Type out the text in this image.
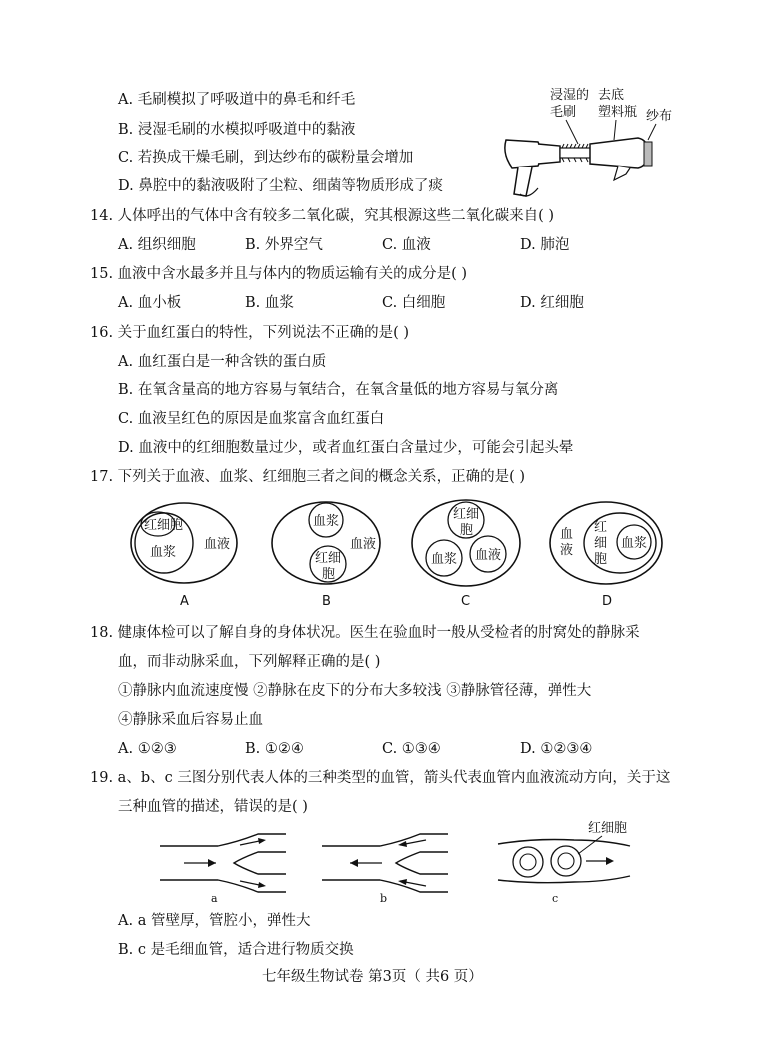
A. 毛刷模拟了呼吸道中的鼻毛和纤毛
B. 浸湿毛刷的水模拟呼吸道中的黏液
C. 若换成干燥毛刷，到达纱布的碳粉量会增加
D. 鼻腔中的黏液吸附了尘粒、细菌等物质形成了痰
浸湿的
毛刷
去底
塑料瓶 纱布
14. 人体呼出的气体中含有较多二氧化碳，究其根源这些二氧化碳来自( )
A. 组织细胞	B. 外界空气	C. 血液	D. 肺泡
15. 血液中含水最多并且与体内的物质运输有关的成分是( )
A. 血小板	B. 血浆	C. 白细胞	D. 红细胞
16. 关于血红蛋白的特性，下列说法不正确的是( )
A. 血红蛋白是一种含铁的蛋白质
B. 在氧含量高的地方容易与氧结合，在氧含量低的地方容易与氧分离
C. 血液呈红色的原因是血浆富含血红蛋白
D. 血液中的红细胞数量过少，或者血红蛋白含量过少，可能会引起头晕
17. 下列关于血液、血浆、红细胞三者之间的概念关系，正确的是( )
红细胞
血浆
血液
A
血浆
红细
胞
血液
B
红细
胞
血浆 血液
C
血
液
红
细
胞
血浆
D
18. 健康体检可以了解自身的身体状况。医生在验血时一般从受检者的肘窝处的静脉采
血，而非动脉采血，下列解释正确的是( )
①静脉内血流速度慢 ②静脉在皮下的分布大多较浅 ③静脉管径薄，弹性大
④静脉采血后容易止血
A. ①②③	B. ①②④	C. ①③④	D. ①②③④
19. a、b、c 三图分别代表人体的三种类型的血管，箭头代表血管内血液流动方向，关于这
三种血管的描述，错误的是( )
a	b
红细胞
c
A. a 管壁厚，管腔小，弹性大
B. c 是毛细血管，适合进行物质交换
七年级生物试卷 第3页（ 共6 页）
